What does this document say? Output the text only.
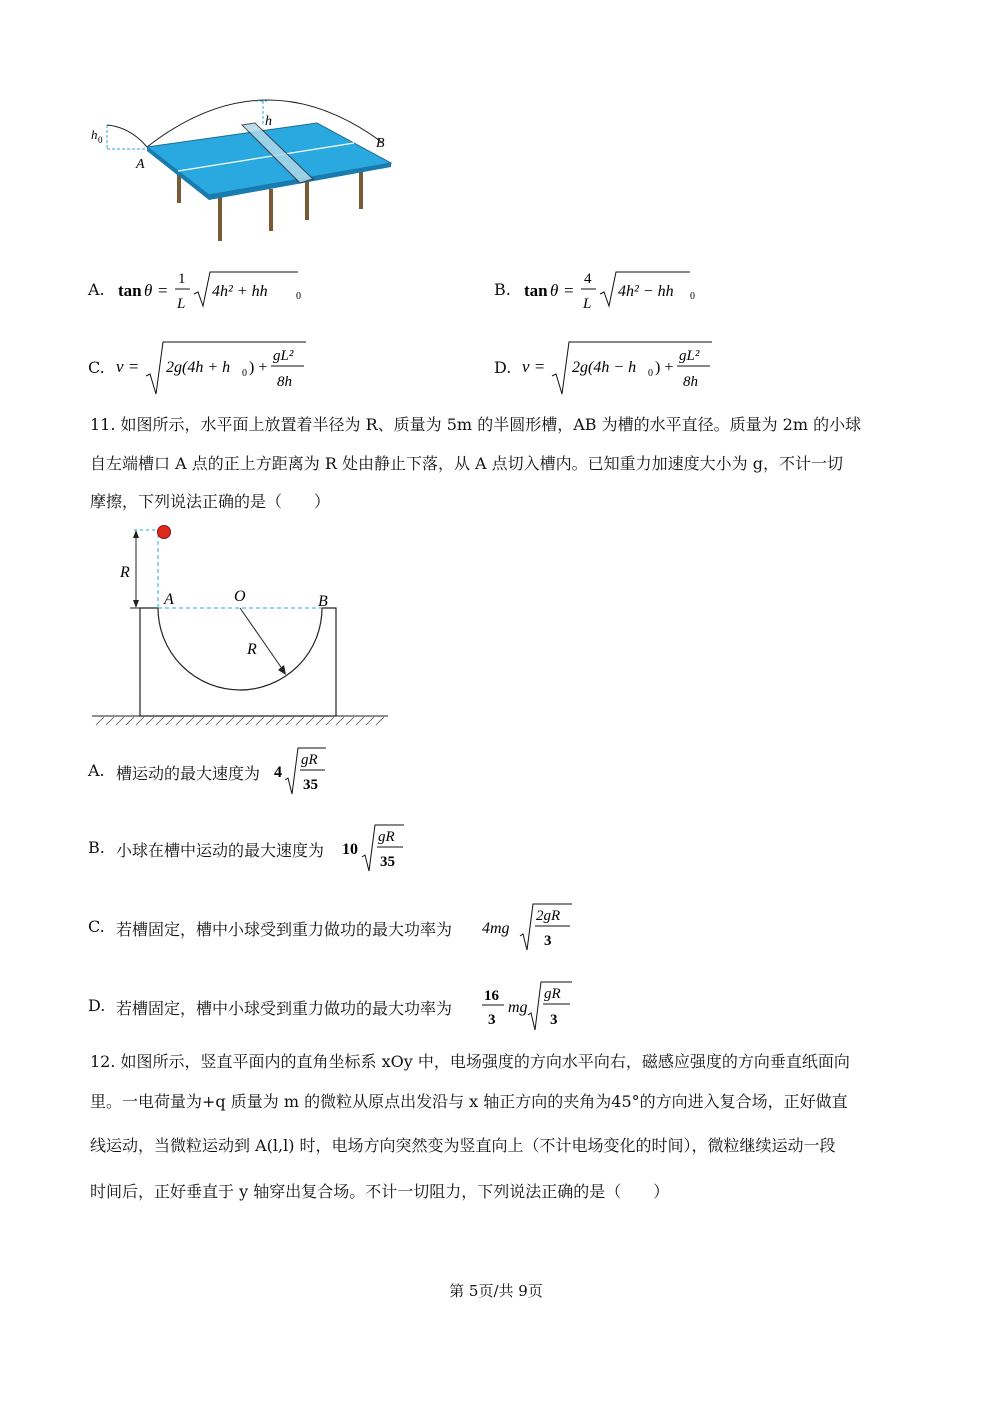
h 0
A
h
B
A. tan θ =
1
L
4h² + hh	0	B. tan θ =
4
L
4h² − hh 0
C. v = 2g(4h + h 0 ) +
gL²
8h
D. v = 2g(4h − h 0 ) +
gL²
8h
11. 如图所示，水平面上放置着半径为 R、质量为 5m 的半圆形槽，AB 为槽的水平直径。质量为 2m 的小球
自左端槽口 A 点的正上方距离为 R 处由静止下落，从 A 点切入槽内。已知重力加速度大小为 g，不计一切
摩擦，下列说法正确的是（　　）
R
A	O	B
R
A. 槽运动的最大速度为 4
gR
35
B. 小球在槽中运动的最大速度为 10
gR
35
C. 若槽固定，槽中小球受到重力做功的最大功率为 4mg
2gR
3
D. 若槽固定，槽中小球受到重力做功的最大功率为
16
3
mg
gR
3
12. 如图所示，竖直平面内的直角坐标系 xOy 中，电场强度的方向水平向右，磁感应强度的方向垂直纸面向
里。一电荷量为+q 质量为 m 的微粒从原点出发沿与 x 轴正方向的夹角为45°的方向进入复合场，正好做直
线运动，当微粒运动到 A(l,l) 时，电场方向突然变为竖直向上（不计电场变化的时间），微粒继续运动一段
时间后，正好垂直于 y 轴穿出复合场。不计一切阻力，下列说法正确的是（　　）
第 5页/共 9页
